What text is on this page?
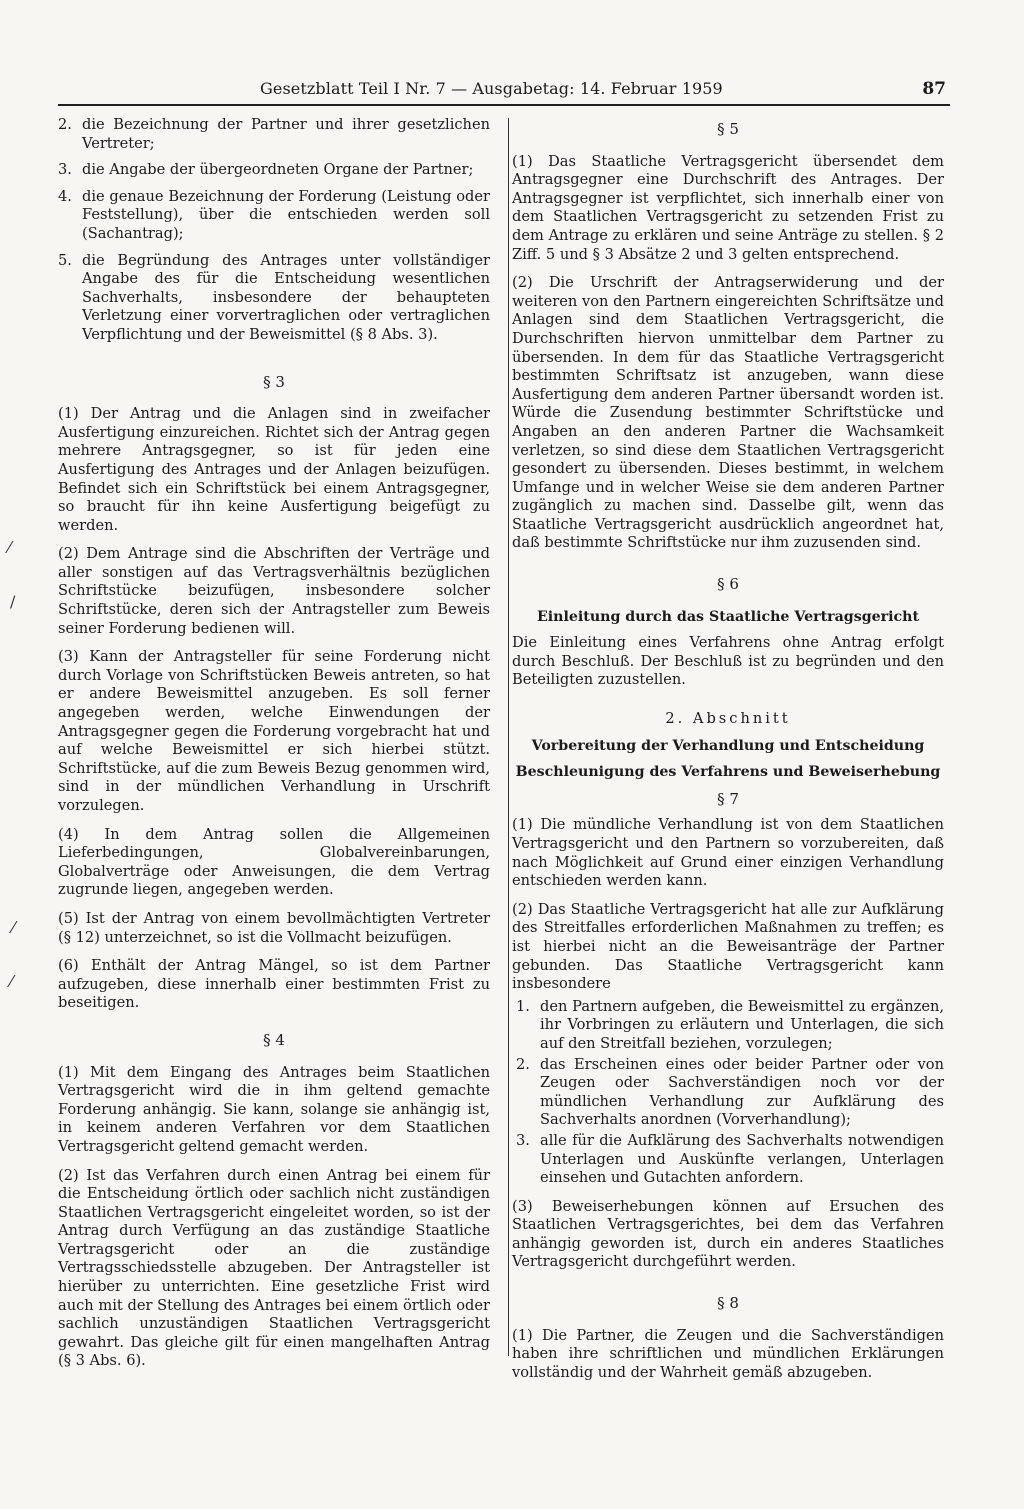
Gesetzblatt Teil I Nr. 7 — Ausgabetag: 14. Februar 1959	87
⁄
/
⁄
⁄
2. die Bezeichnung der Partner und ihrer gesetzlichen Vertreter;
3. die Angabe der übergeordneten Organe der Partner;
4. die genaue Bezeichnung der Forderung (Leistung oder Feststellung), über die entschieden werden soll (Sachantrag);
5. die Begründung des Antrages unter vollständiger Angabe des für die Entscheidung wesentlichen Sachverhalts, insbesondere der behaupteten Verletzung einer vorvertraglichen oder vertraglichen Verpflichtung und der Beweismittel (§ 8 Abs. 3).
§ 3

(1) Der Antrag und die Anlagen sind in zweifacher Ausfertigung einzureichen. Richtet sich der Antrag gegen mehrere Antragsgegner, so ist für jeden eine Ausfertigung des Antrages und der Anlagen beizufügen. Befindet sich ein Schriftstück bei einem Antragsgegner, so braucht für ihn keine Ausfertigung beigefügt zu werden.

(2) Dem Antrage sind die Abschriften der Verträge und aller sonstigen auf das Vertragsverhältnis bezüglichen Schriftstücke beizufügen, insbesondere solcher Schriftstücke, deren sich der Antragsteller zum Beweis seiner Forderung bedienen will.

(3) Kann der Antragsteller für seine Forderung nicht durch Vorlage von Schriftstücken Beweis antreten, so hat er andere Beweismittel anzugeben. Es soll ferner angegeben werden, welche Einwendungen der Antragsgegner gegen die Forderung vorgebracht hat und auf welche Beweismittel er sich hierbei stützt. Schriftstücke, auf die zum Beweis Bezug genommen wird, sind in der mündlichen Verhandlung in Urschrift vorzulegen.

(4) In dem Antrag sollen die Allgemeinen Lieferbedingungen, Globalvereinbarungen, Globalverträge oder Anweisungen, die dem Vertrag zugrunde liegen, angegeben werden.

(5) Ist der Antrag von einem bevollmächtigten Vertreter (§ 12) unterzeichnet, so ist die Vollmacht beizufügen.

(6) Enthält der Antrag Mängel, so ist dem Partner aufzugeben, diese innerhalb einer bestimmten Frist zu beseitigen.

§ 4

(1) Mit dem Eingang des Antrages beim Staatlichen Vertragsgericht wird die in ihm geltend gemachte Forderung anhängig. Sie kann, solange sie anhängig ist, in keinem anderen Verfahren vor dem Staatlichen Vertragsgericht geltend gemacht werden.

(2) Ist das Verfahren durch einen Antrag bei einem für die Entscheidung örtlich oder sachlich nicht zuständigen Staatlichen Vertragsgericht eingeleitet worden, so ist der Antrag durch Verfügung an das zuständige Staatliche Vertragsgericht oder an die zuständige Vertragsschiedsstelle abzugeben. Der Antragsteller ist hierüber zu unterrichten. Eine gesetzliche Frist wird auch mit der Stellung des Antrages bei einem örtlich oder sachlich unzuständigen Staatlichen Vertragsgericht gewahrt. Das gleiche gilt für einen mangelhaften Antrag (§ 3 Abs. 6).

§ 5

(1) Das Staatliche Vertragsgericht übersendet dem Antragsgegner eine Durchschrift des Antrages. Der Antragsgegner ist verpflichtet, sich innerhalb einer von dem Staatlichen Vertragsgericht zu setzenden Frist zu dem Antrage zu erklären und seine Anträge zu stellen. § 2 Ziff. 5 und § 3 Absätze 2 und 3 gelten entsprechend.

(2) Die Urschrift der Antragserwiderung und der weiteren von den Partnern eingereichten Schriftsätze und Anlagen sind dem Staatlichen Vertragsgericht, die Durchschriften hiervon unmittelbar dem Partner zu übersenden. In dem für das Staatliche Vertragsgericht bestimmten Schriftsatz ist anzugeben, wann diese Ausfertigung dem anderen Partner übersandt worden ist. Würde die Zusendung bestimmter Schriftstücke und Angaben an den anderen Partner die Wachsamkeit verletzen, so sind diese dem Staatlichen Vertragsgericht gesondert zu übersenden. Dieses bestimmt, in welchem Umfange und in welcher Weise sie dem anderen Partner zugänglich zu machen sind. Dasselbe gilt, wenn das Staatliche Vertragsgericht ausdrücklich angeordnet hat, daß bestimmte Schriftstücke nur ihm zuzusenden sind.

§ 6
Einleitung durch das Staatliche Vertragsgericht

Die Einleitung eines Verfahrens ohne Antrag erfolgt durch Beschluß. Der Beschluß ist zu begründen und den Beteiligten zuzustellen.

2. Abschnitt
Vorbereitung der Verhandlung und Entscheidung
Beschleunigung des Verfahrens und Beweiserhebung
§ 7

(1) Die mündliche Verhandlung ist von dem Staatlichen Vertragsgericht und den Partnern so vorzubereiten, daß nach Möglichkeit auf Grund einer einzigen Verhandlung entschieden werden kann.

(2) Das Staatliche Vertragsgericht hat alle zur Aufklärung des Streitfalles erforderlichen Maßnahmen zu treffen; es ist hierbei nicht an die Beweisanträge der Partner gebunden. Das Staatliche Vertragsgericht kann insbesondere

1. den Partnern aufgeben, die Beweismittel zu ergänzen, ihr Vorbringen zu erläutern und Unterlagen, die sich auf den Streitfall beziehen, vorzulegen;
2. das Erscheinen eines oder beider Partner oder von Zeugen oder Sachverständigen noch vor der mündlichen Verhandlung zur Aufklärung des Sachverhalts anordnen (Vorverhandlung);
3. alle für die Aufklärung des Sachverhalts notwendigen Unterlagen und Auskünfte verlangen, Unterlagen einsehen und Gutachten anfordern.

(3) Beweiserhebungen können auf Ersuchen des Staatlichen Vertragsgerichtes, bei dem das Verfahren anhängig geworden ist, durch ein anderes Staatliches Vertragsgericht durchgeführt werden.

§ 8

(1) Die Partner, die Zeugen und die Sachverständigen haben ihre schriftlichen und mündlichen Erklärungen vollständig und der Wahrheit gemäß abzugeben.
